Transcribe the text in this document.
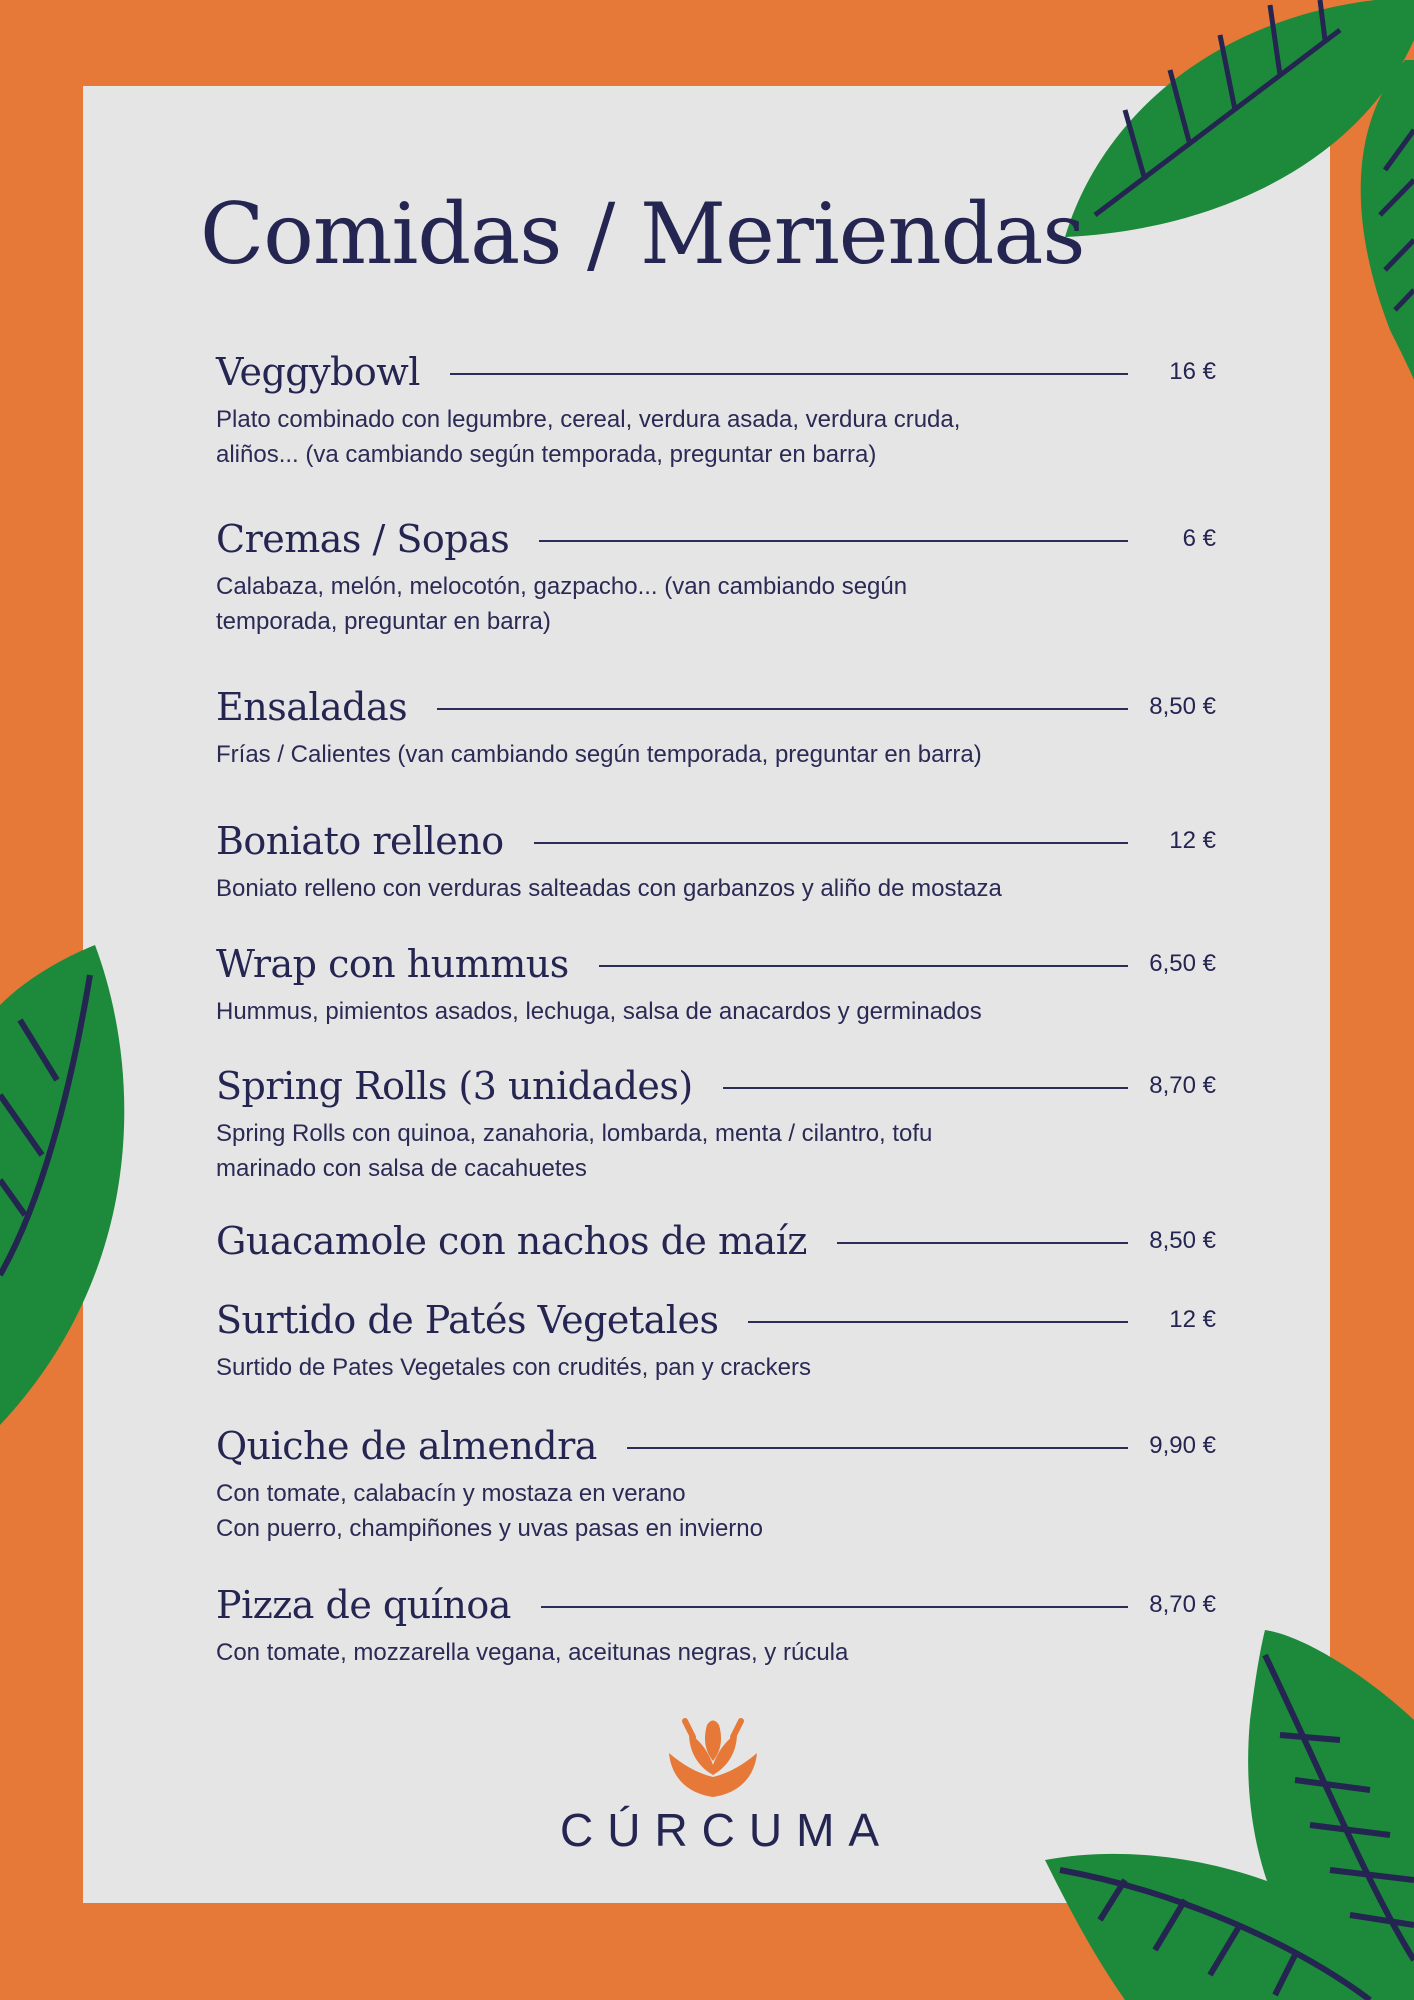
Comidas / Meriendas
Veggybowl	16 €
Plato combinado con legumbre, cereal, verdura asada, verdura cruda,
aliños... (va cambiando según temporada, preguntar en barra)
Cremas / Sopas	6 €
Calabaza, melón, melocotón, gazpacho... (van cambiando según
temporada, preguntar en barra)
Ensaladas	8,50 €
Frías / Calientes (van cambiando según temporada, preguntar en barra)
Boniato relleno	12 €
Boniato relleno con verduras salteadas con garbanzos y aliño de mostaza
Wrap con hummus	6,50 €
Hummus, pimientos asados, lechuga, salsa de anacardos y germinados
Spring Rolls (3 unidades)	8,70 €
Spring Rolls con quinoa, zanahoria, lombarda, menta / cilantro, tofu
marinado con salsa de cacahuetes
Guacamole con nachos de maíz	8,50 €
Surtido de Patés Vegetales	12 €
Surtido de Pates Vegetales con crudités, pan y crackers
Quiche de almendra	9,90 €
Con tomate, calabacín y mostaza en verano
Con puerro, champiñones y uvas pasas en invierno
Pizza de quínoa	8,70 €
Con tomate, mozzarella vegana, aceitunas negras, y rúcula
CÚRCUMA
